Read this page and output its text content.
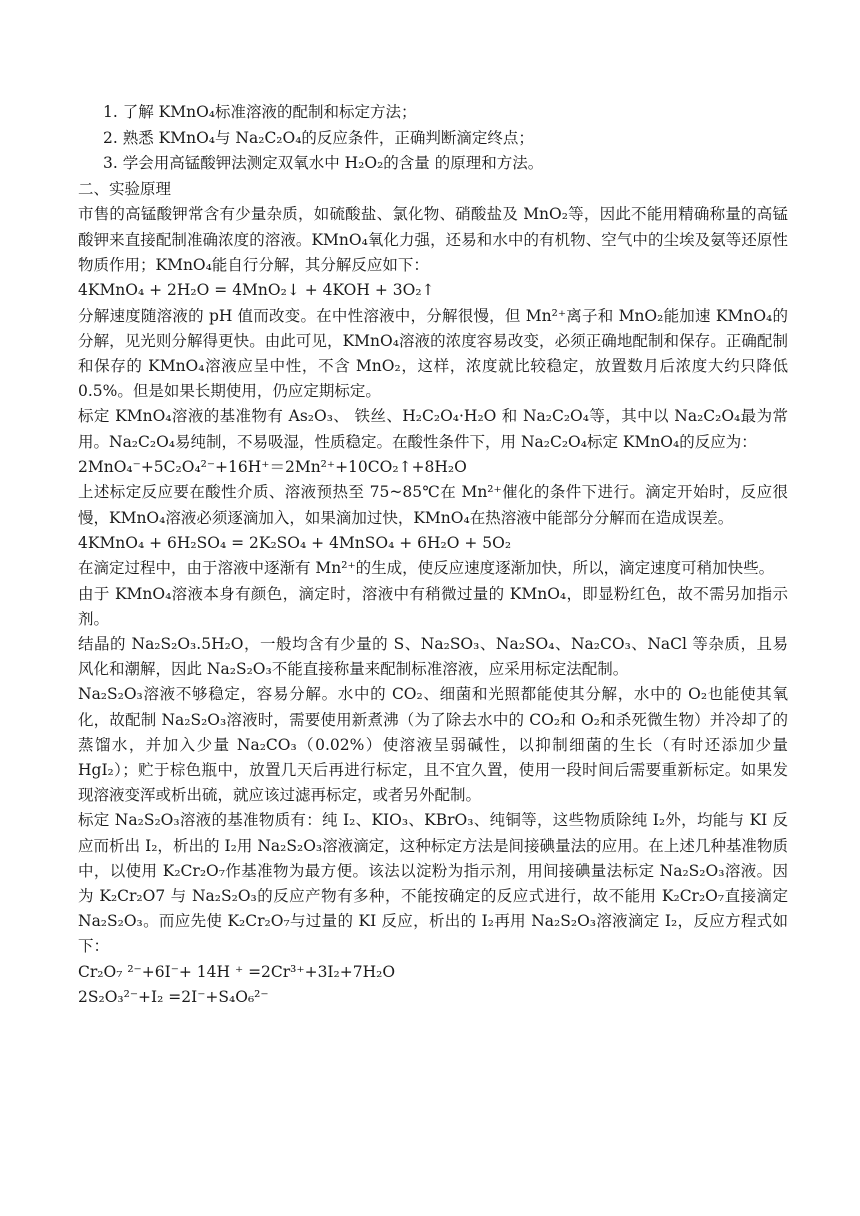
1. 了解 KMnO₄标准溶液的配制和标定方法；

2. 熟悉 KMnO₄与 Na₂C₂O₄的反应条件，正确判断滴定终点；

3. 学会用高锰酸钾法测定双氧水中 H₂O₂的含量 的原理和方法。

二、实验原理

市售的高锰酸钾常含有少量杂质，如硫酸盐、氯化物、硝酸盐及 MnO₂等，因此不能用精确称量的高锰酸钾来直接配制准确浓度的溶液。KMnO₄氧化力强，还易和水中的有机物、空气中的尘埃及氨等还原性物质作用；KMnO₄能自行分解，其分解反应如下：

4KMnO₄ + 2H₂O = 4MnO₂↓ + 4KOH + 3O₂↑

分解速度随溶液的 pH 值而改变。在中性溶液中，分解很慢，但 Mn²⁺离子和 MnO₂能加速 KMnO₄的分解，见光则分解得更快。由此可见，KMnO₄溶液的浓度容易改变，必须正确地配制和保存。正确配制和保存的 KMnO₄溶液应呈中性，不含 MnO₂，这样，浓度就比较稳定，放置数月后浓度大约只降低 0.5%。但是如果长期使用，仍应定期标定。

标定 KMnO₄溶液的基准物有 As₂O₃、 铁丝、H₂C₂O₄·H₂O 和 Na₂C₂O₄等，其中以 Na₂C₂O₄最为常用。Na₂C₂O₄易纯制，不易吸湿，性质稳定。在酸性条件下，用 Na₂C₂O₄标定 KMnO₄的反应为：

2MnO₄⁻+5C₂O₄²⁻+16H⁺＝2Mn²⁺+10CO₂↑+8H₂O

上述标定反应要在酸性介质、溶液预热至 75~85℃在 Mn²⁺催化的条件下进行。滴定开始时，反应很慢，KMnO₄溶液必须逐滴加入，如果滴加过快，KMnO₄在热溶液中能部分分解而在造成误差。

4KMnO₄ + 6H₂SO₄ = 2K₂SO₄ + 4MnSO₄ + 6H₂O + 5O₂

在滴定过程中，由于溶液中逐渐有 Mn²⁺的生成，使反应速度逐渐加快，所以，滴定速度可稍加快些。

由于 KMnO₄溶液本身有颜色，滴定时，溶液中有稍微过量的 KMnO₄，即显粉红色，故不需另加指示剂。

结晶的 Na₂S₂O₃.5H₂O，一般均含有少量的 S、Na₂SO₃、Na₂SO₄、Na₂CO₃、NaCl 等杂质，且易风化和潮解，因此 Na₂S₂O₃不能直接称量来配制标准溶液，应采用标定法配制。

Na₂S₂O₃溶液不够稳定，容易分解。水中的 CO₂、细菌和光照都能使其分解，水中的 O₂也能使其氧化，故配制 Na₂S₂O₃溶液时，需要使用新煮沸（为了除去水中的 CO₂和 O₂和杀死微生物）并冷却了的蒸馏水，并加入少量 Na₂CO₃（0.02%）使溶液呈弱碱性，以抑制细菌的生长（有时还添加少量 HgI₂）；贮于棕色瓶中，放置几天后再进行标定，且不宜久置，使用一段时间后需要重新标定。如果发现溶液变浑或析出硫，就应该过滤再标定，或者另外配制。

标定 Na₂S₂O₃溶液的基准物质有：纯 I₂、KIO₃、KBrO₃、纯铜等，这些物质除纯 I₂外，均能与 KI 反应而析出 I₂，析出的 I₂用 Na₂S₂O₃溶液滴定，这种标定方法是间接碘量法的应用。在上述几种基准物质中，以使用 K₂Cr₂O₇作基准物为最方便。该法以淀粉为指示剂，用间接碘量法标定 Na₂S₂O₃溶液。因为 K₂Cr₂O7 与 Na₂S₂O₃的反应产物有多种，不能按确定的反应式进行，故不能用 K₂Cr₂O₇直接滴定 Na₂S₂O₃。而应先使 K₂Cr₂O₇与过量的 KI 反应，析出的 I₂再用 Na₂S₂O₃溶液滴定 I₂，反应方程式如下：

Cr₂O₇ ²⁻+6I⁻+ 14H ⁺ =2Cr³⁺+3I₂+7H₂O

2S₂O₃²⁻+I₂ =2I⁻+S₄O₆²⁻
